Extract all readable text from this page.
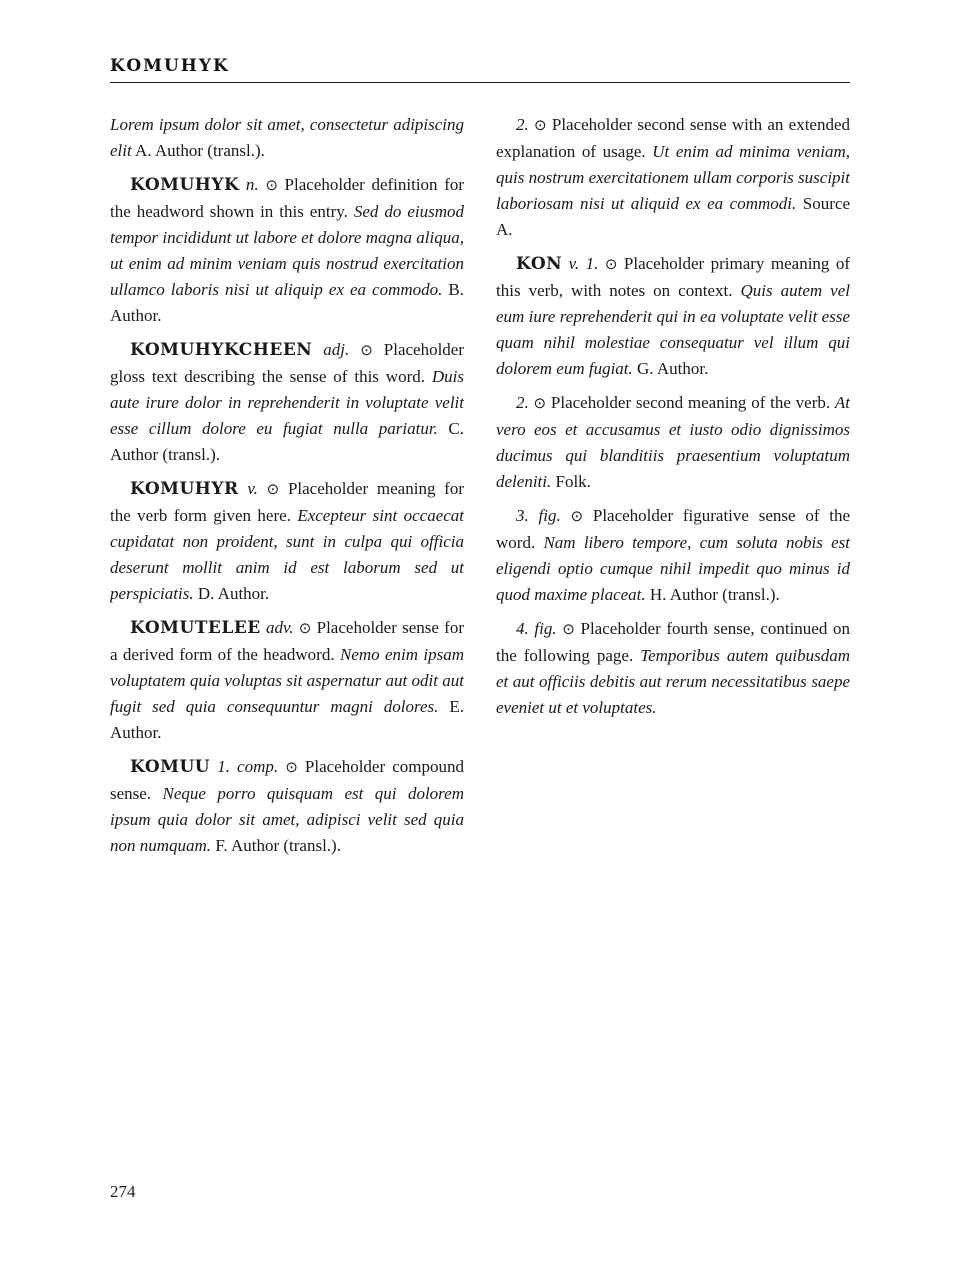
KOMUHYK

Lorem ipsum dolor sit amet, consectetur adipiscing elit A. Author (transl.).

KOMUHYK n. ⊙ Placeholder definition for the headword shown in this entry. Sed do eiusmod tempor incididunt ut labore et dolore magna aliqua, ut enim ad minim veniam quis nostrud exercitation ullamco laboris nisi ut aliquip ex ea commodo. B. Author.

KOMUHYKCHEEN adj. ⊙ Placeholder gloss text describing the sense of this word. Duis aute irure dolor in reprehenderit in voluptate velit esse cillum dolore eu fugiat nulla pariatur. C. Author (transl.).

KOMUHYR v. ⊙ Placeholder meaning for the verb form given here. Excepteur sint occaecat cupidatat non proident, sunt in culpa qui officia deserunt mollit anim id est laborum sed ut perspiciatis. D. Author.

KOMUTELEE adv. ⊙ Placeholder sense for a derived form of the headword. Nemo enim ipsam voluptatem quia voluptas sit aspernatur aut odit aut fugit sed quia consequuntur magni dolores. E. Author.

KOMUU 1. comp. ⊙ Placeholder compound sense. Neque porro quisquam est qui dolorem ipsum quia dolor sit amet, adipisci velit sed quia non numquam. F. Author (transl.).

2. ⊙ Placeholder second sense with an extended explanation of usage. Ut enim ad minima veniam, quis nostrum exercitationem ullam corporis suscipit laboriosam nisi ut aliquid ex ea commodi. Source A.

KON v. 1. ⊙ Placeholder primary meaning of this verb, with notes on context. Quis autem vel eum iure reprehenderit qui in ea voluptate velit esse quam nihil molestiae consequatur vel illum qui dolorem eum fugiat. G. Author.

2. ⊙ Placeholder second meaning of the verb. At vero eos et accusamus et iusto odio dignissimos ducimus qui blanditiis praesentium voluptatum deleniti. Folk.

3. fig. ⊙ Placeholder figurative sense of the word. Nam libero tempore, cum soluta nobis est eligendi optio cumque nihil impedit quo minus id quod maxime placeat. H. Author (transl.).

4. fig. ⊙ Placeholder fourth sense, continued on the following page. Temporibus autem quibusdam et aut officiis debitis aut rerum necessitatibus saepe eveniet ut et voluptates.

274
